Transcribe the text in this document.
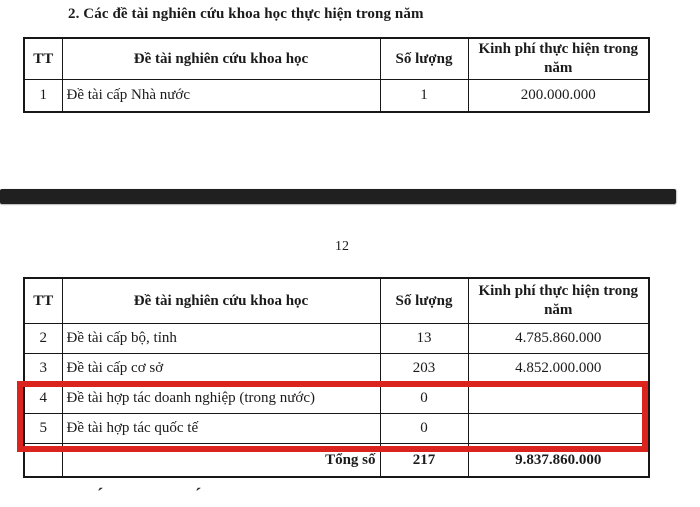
2. Các đề tài nghiên cứu khoa học thực hiện trong năm
TT	Đề tài nghiên cứu khoa học	Số lượng	Kinh phí thực hiện trong năm
1	Đề tài cấp Nhà nước	1	200.000.000
12
TT	Đề tài nghiên cứu khoa học	Số lượng	Kinh phí thực hiện trong năm
2	Đề tài cấp bộ, tỉnh	13	4.785.860.000
3	Đề tài cấp cơ sở	203	4.852.000.000
4	Đề tài hợp tác doanh nghiệp (trong nước)	0	
5	Đề tài hợp tác quốc tế	0	
	Tổng số	217	9.837.860.000
´	´
